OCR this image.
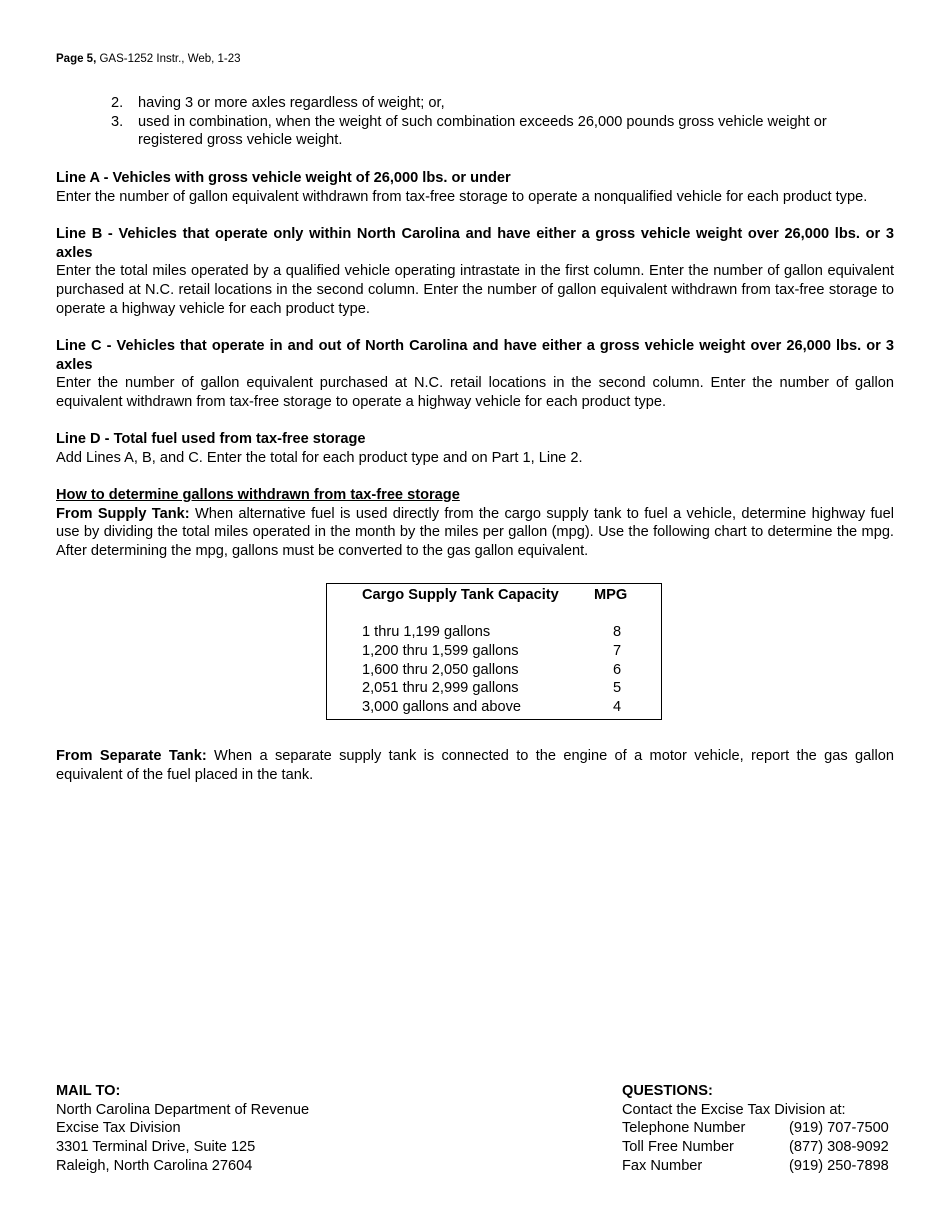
Page 5, GAS-1252 Instr., Web, 1-23
2. having 3 or more axles regardless of weight; or,
3. used in combination, when the weight of such combination exceeds 26,000 pounds gross vehicle weight or registered gross vehicle weight.
Line A - Vehicles with gross vehicle weight of 26,000 lbs. or under
Enter the number of gallon equivalent withdrawn from tax-free storage to operate a nonqualified vehicle for each product type.
Line B - Vehicles that operate only within North Carolina and have either a gross vehicle weight over 26,000 lbs. or 3 axles
Enter the total miles operated by a qualified vehicle operating intrastate in the first column. Enter the number of gallon equivalent purchased at N.C. retail locations in the second column. Enter the number of gallon equivalent withdrawn from tax-free storage to operate a highway vehicle for each product type.
Line C - Vehicles that operate in and out of North Carolina and have either a gross vehicle weight over 26,000 lbs. or 3 axles
Enter the number of gallon equivalent purchased at N.C. retail locations in the second column. Enter the number of gallon equivalent withdrawn from tax-free storage to operate a highway vehicle for each product type.
Line D - Total fuel used from tax-free storage
Add Lines A, B, and C. Enter the total for each product type and on Part 1, Line 2.
How to determine gallons withdrawn from tax-free storage
From Supply Tank: When alternative fuel is used directly from the cargo supply tank to fuel a vehicle, determine highway fuel use by dividing the total miles operated in the month by the miles per gallon (mpg). Use the following chart to determine the mpg. After determining the mpg, gallons must be converted to the gas gallon equivalent.
Cargo Supply Tank Capacity MPG
1 thru 1,199 gallons	8
1,200 thru 1,599 gallons	7
1,600 thru 2,050 gallons	6
2,051 thru 2,999 gallons	5
3,000 gallons and above	4
From Separate Tank: When a separate supply tank is connected to the engine of a motor vehicle, report the gas gallon equivalent of the fuel placed in the tank.
MAIL TO:
North Carolina Department of Revenue
Excise Tax Division
3301 Terminal Drive, Suite 125
Raleigh, North Carolina 27604
QUESTIONS:
Contact the Excise Tax Division at:
Telephone Number	(919) 707-7500
Toll Free Number	(877) 308-9092
Fax Number	(919) 250-7898
